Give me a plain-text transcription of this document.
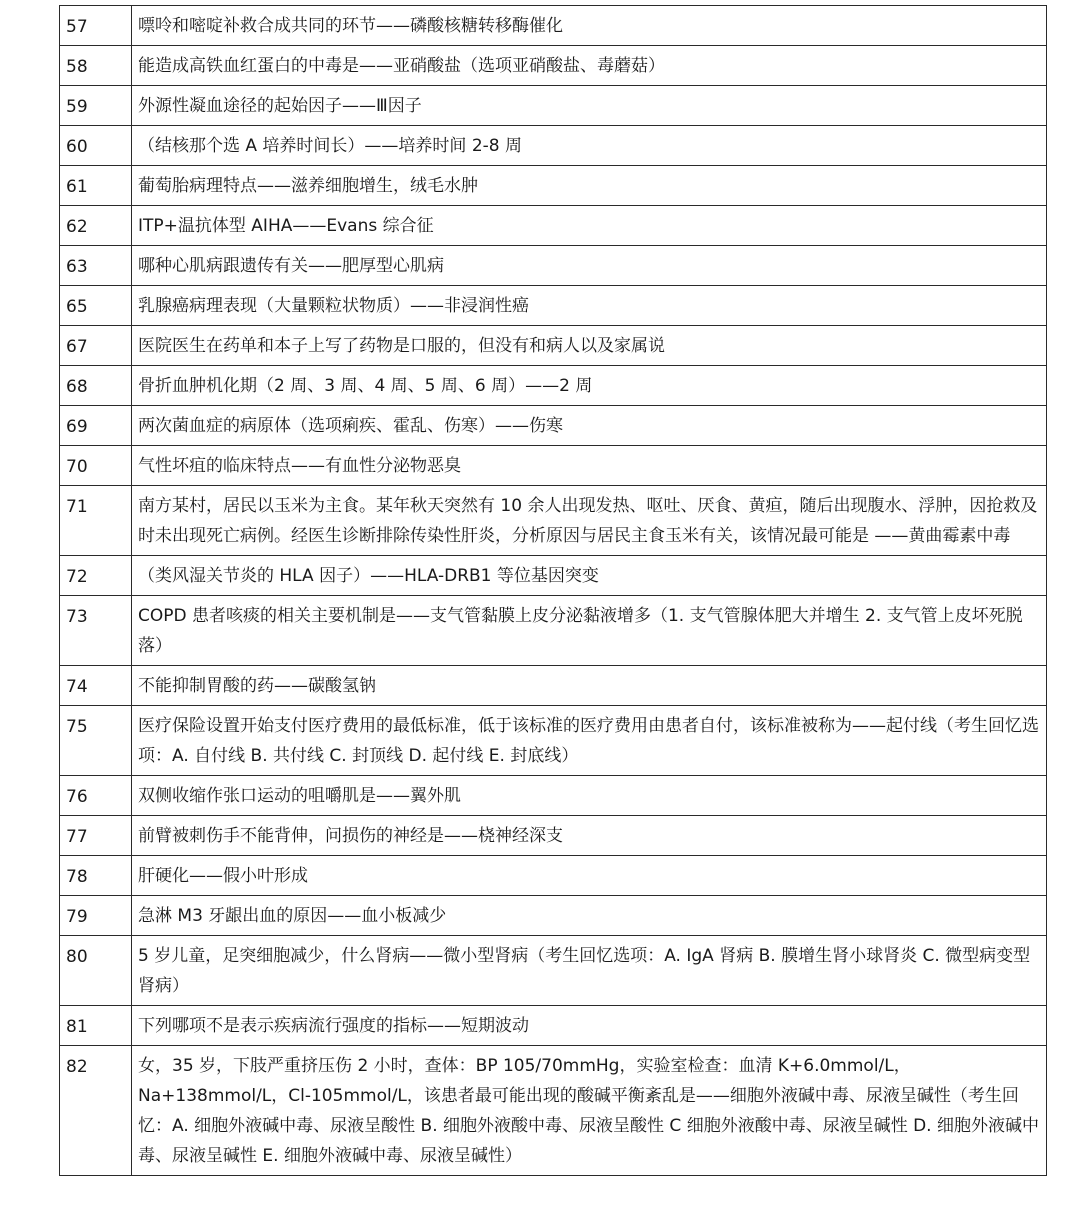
57	嘌呤和嘧啶补救合成共同的环节——磷酸核糖转移酶催化
58	能造成高铁血红蛋白的中毒是——亚硝酸盐（选项亚硝酸盐、毒蘑菇）
59	外源性凝血途径的起始因子——Ⅲ因子
60	（结核那个选 A 培养时间长）——培养时间 2-8 周
61	葡萄胎病理特点——滋养细胞增生，绒毛水肿
62	ITP+温抗体型 AIHA——Evans 综合征
63	哪种心肌病跟遗传有关——肥厚型心肌病
65	乳腺癌病理表现（大量颗粒状物质）——非浸润性癌
67	医院医生在药单和本子上写了药物是口服的，但没有和病人以及家属说
68	骨折血肿机化期（2 周、3 周、4 周、5 周、6 周）——2 周
69	两次菌血症的病原体（选项痢疾、霍乱、伤寒）——伤寒
70	气性坏疽的临床特点——有血性分泌物恶臭
71	南方某村，居民以玉米为主食。某年秋天突然有 10 余人出现发热、呕吐、厌食、黄疸，随后出现腹水、浮肿，因抢救及时未出现死亡病例。经医生诊断排除传染性肝炎，分析原因与居民主食玉米有关，该情况最可能是 ——黄曲霉素中毒
72	（类风湿关节炎的 HLA 因子）——HLA-DRB1 等位基因突变
73	COPD 患者咳痰的相关主要机制是——支气管黏膜上皮分泌黏液增多（1. 支气管腺体肥大并增生 2. 支气管上皮坏死脱落）
74	不能抑制胃酸的药——碳酸氢钠
75	医疗保险设置开始支付医疗费用的最低标准，低于该标准的医疗费用由患者自付，该标准被称为——起付线（考生回忆选项：A. 自付线 B. 共付线 C. 封顶线 D. 起付线 E. 封底线）
76	双侧收缩作张口运动的咀嚼肌是——翼外肌
77	前臂被刺伤手不能背伸，问损伤的神经是——桡神经深支
78	肝硬化——假小叶形成
79	急淋 M3 牙龈出血的原因——血小板减少
80	5 岁儿童，足突细胞减少，什么肾病——微小型肾病（考生回忆选项：A. IgA 肾病 B. 膜增生肾小球肾炎 C. 微型病变型肾病）
81	下列哪项不是表示疾病流行强度的指标——短期波动
82	女，35 岁，下肢严重挤压伤 2 小时，查体：BP 105/70mmHg，实验室检查：血清 K+6.0mmol/L，Na+138mmol/L，Cl-105mmol/L，该患者最可能出现的酸碱平衡紊乱是——细胞外液碱中毒、尿液呈碱性（考生回忆：A. 细胞外液碱中毒、尿液呈酸性 B. 细胞外液酸中毒、尿液呈酸性 C 细胞外液酸中毒、尿液呈碱性 D. 细胞外液碱中毒、尿液呈碱性 E. 细胞外液碱中毒、尿液呈碱性）
